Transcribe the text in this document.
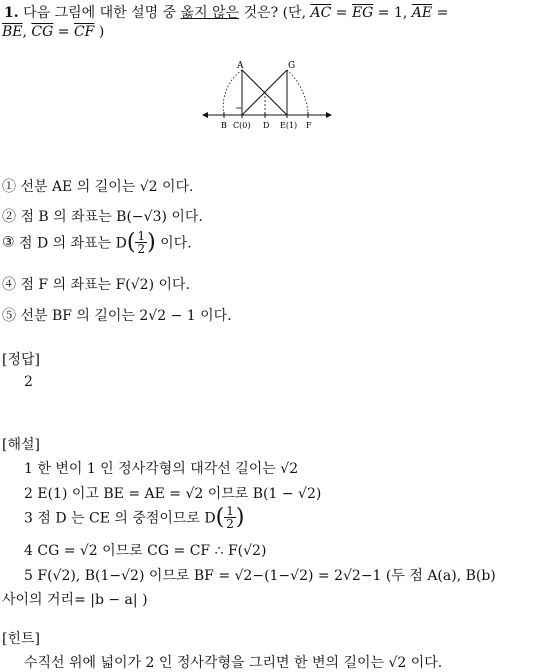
1. 다음 그림에 대한 설명 중 옳지 않은 것은? (단, $\overline{AC} = \overline{EG} = 1$, $\overline{AE}$ =
$\overline{BE}$, $\overline{CG} = \overline{CF}$ )
A	G
B C(0) D E(1) F
① 선분 AE 의 길이는 √2 이다.
② 점 B 의 좌표는 B(−√3) 이다.
③ 점 D 의 좌표는 $D( \frac{1}{2}$ ) 이다.
④ 점 F 의 좌표는 F(√2) 이다.
⑤ 선분 BF 의 길이는 2√2 − 1 이다.
[정답]
2
[해설]
1 한 변이 1 인 정사각형의 대각선 길이는 √2
2 E(1) 이고 BE = AE = √2 이므로 B(1 − √2)
3 점 D 는 CE 의 중점이므로 $D( \frac{1}{2}$ )
4 CG = √2 이므로 CG = CF ∴ F(√2)
5 F(√2), B(1−√2) 이므로 BF = √2−(1−√2) = 2√2−1 (두 점 A(a), B(b)
사이의 거리= |b − a| )
[힌트]
수직선 위에 넓이가 2 인 정사각형을 그리면 한 변의 길이는 √2 이다.
